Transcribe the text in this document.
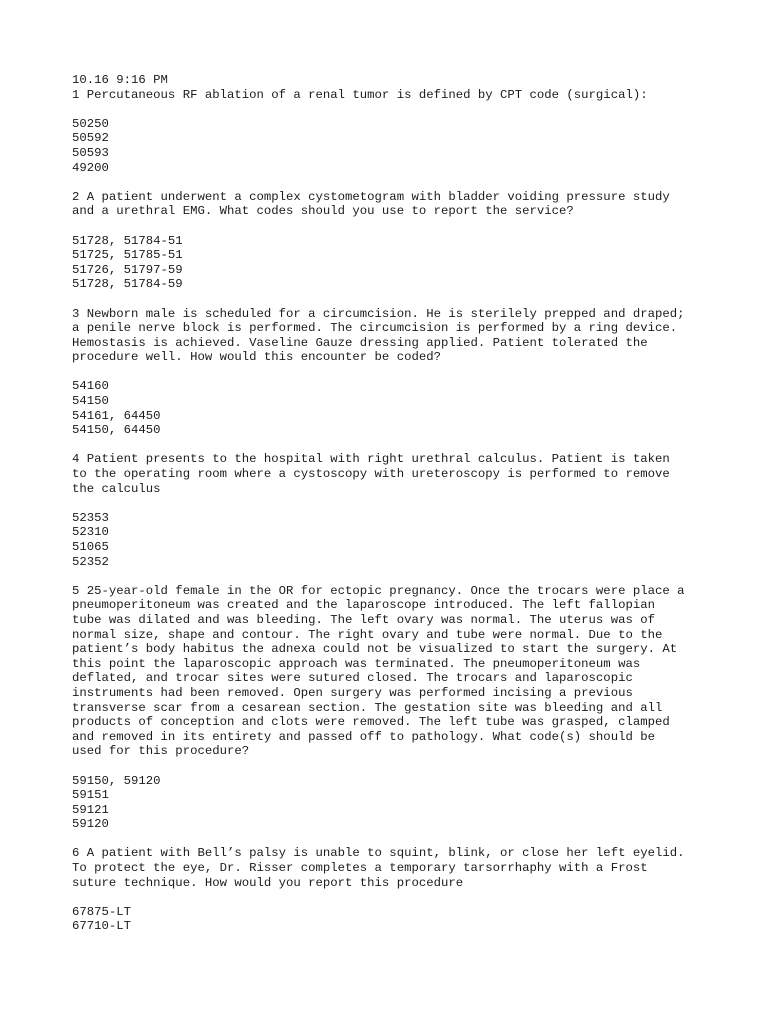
10.16 9:16 PM
1 Percutaneous RF ablation of a renal tumor is defined by CPT code (surgical):
50250
50592
50593
49200
2 A patient underwent a complex cystometogram with bladder voiding pressure study
and a urethral EMG. What codes should you use to report the service?
51728, 51784-51
51725, 51785-51
51726, 51797-59
51728, 51784-59
3 Newborn male is scheduled for a circumcision. He is sterilely prepped and draped;
a penile nerve block is performed. The circumcision is performed by a ring device.
Hemostasis is achieved. Vaseline Gauze dressing applied. Patient tolerated the
procedure well. How would this encounter be coded?
54160
54150
54161, 64450
54150, 64450
4 Patient presents to the hospital with right urethral calculus. Patient is taken
to the operating room where a cystoscopy with ureteroscopy is performed to remove
the calculus
52353
52310
51065
52352
5 25-year-old female in the OR for ectopic pregnancy. Once the trocars were place a
pneumoperitoneum was created and the laparoscope introduced. The left fallopian
tube was dilated and was bleeding. The left ovary was normal. The uterus was of
normal size, shape and contour. The right ovary and tube were normal. Due to the
patient’s body habitus the adnexa could not be visualized to start the surgery. At
this point the laparoscopic approach was terminated. The pneumoperitoneum was
deflated, and trocar sites were sutured closed. The trocars and laparoscopic
instruments had been removed. Open surgery was performed incising a previous
transverse scar from a cesarean section. The gestation site was bleeding and all
products of conception and clots were removed. The left tube was grasped, clamped
and removed in its entirety and passed off to pathology. What code(s) should be
used for this procedure?
59150, 59120
59151
59121
59120
6 A patient with Bell’s palsy is unable to squint, blink, or close her left eyelid.
To protect the eye, Dr. Risser completes a temporary tarsorrhaphy with a Frost
suture technique. How would you report this procedure
67875-LT
67710-LT
